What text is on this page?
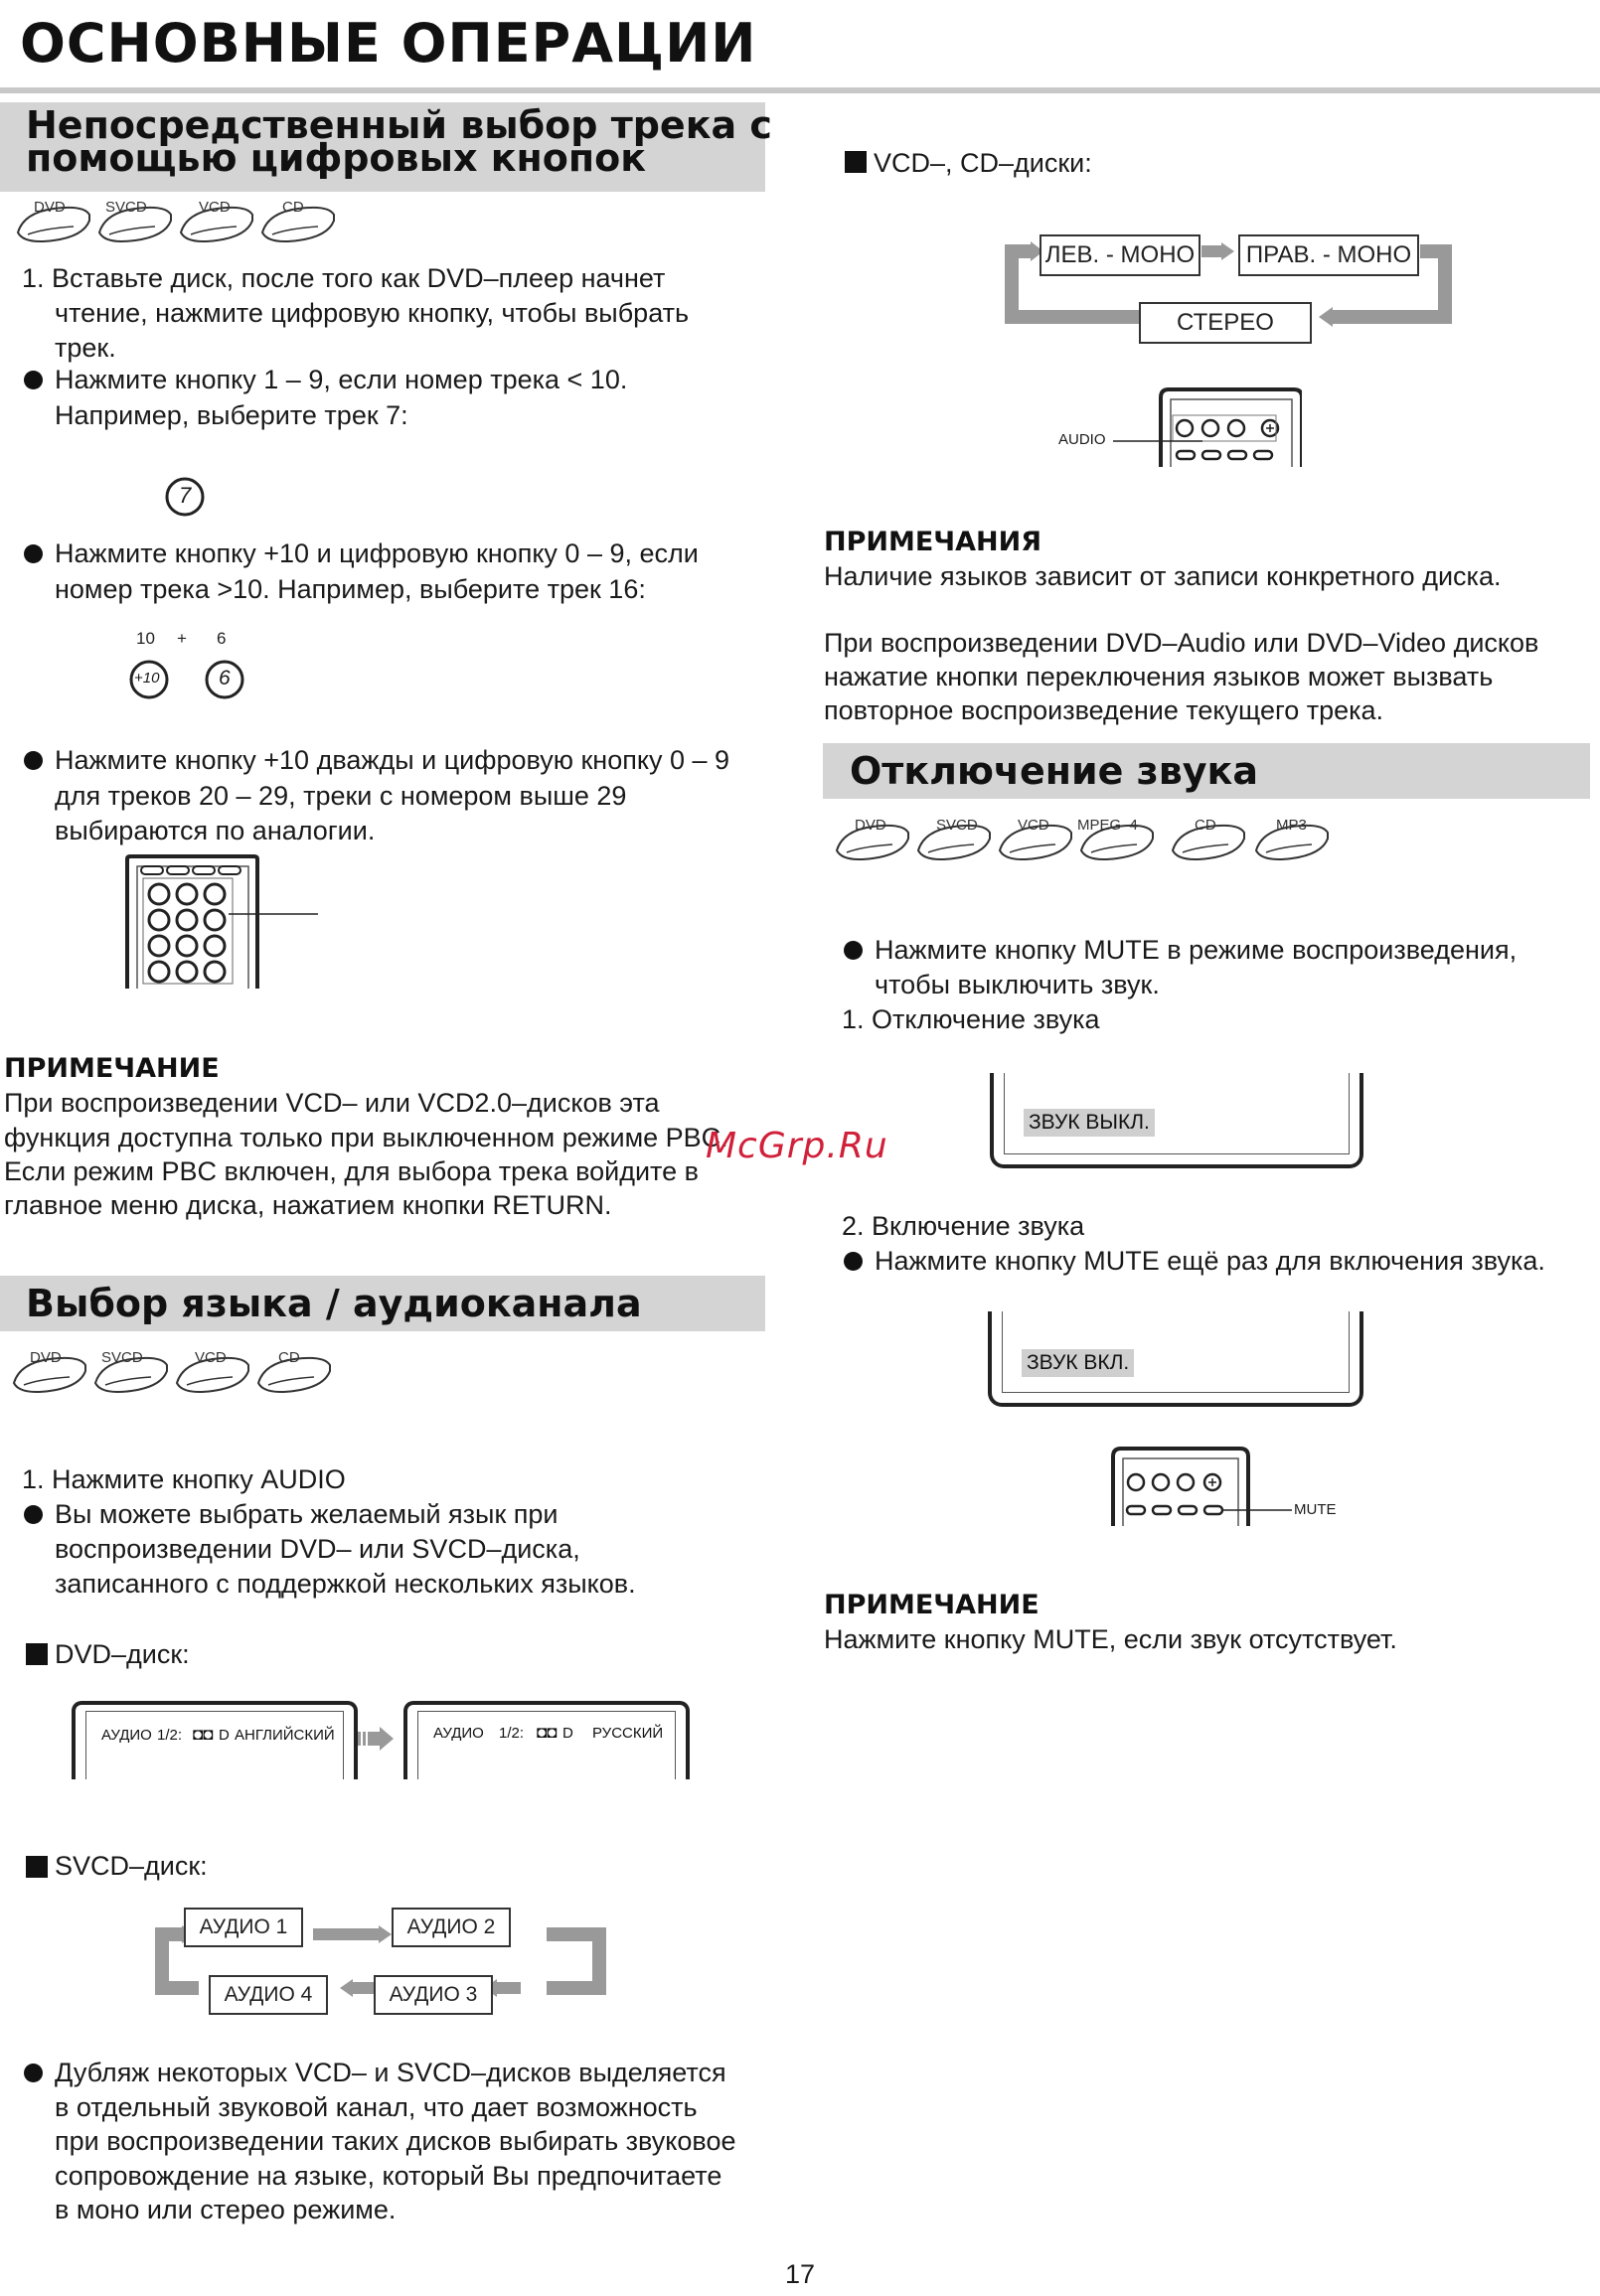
ОСНОВНЫЕ ОПЕРАЦИИ
Непосредственный выбор трека с
помощью цифровых кнопок
DVD	SVCD	VCD	CD
1. Вставьте диск, после того как DVD–плеер начнет
чтение, нажмите цифровую кнопку, чтобы выбрать
трек.
Нажмите кнопку 1 – 9, если номер трека < 10.
Например, выберите трек 7:
7
Нажмите кнопку +10 и цифровую кнопку 0 – 9, если
номер трека >10. Например, выберите трек 16:
10 + 6
+10	6
Нажмите кнопку +10 дважды и цифровую кнопку 0 – 9
для треков 20 – 29, треки с номером выше 29
выбираются по аналогии.
ПРИМЕЧАНИЕ
При воспроизведении VCD– или VCD2.0–дисков эта
функция доступна только при выключенном режиме PBC.
Если режим PBC включен, для выбора трека войдите в
главное меню диска, нажатием кнопки RETURN.
Выбор языка / аудиоканала
DVD	SVCD	VCD	CD
1. Нажмите кнопку AUDIO
Вы можете выбрать желаемый язык при
воспроизведении DVD– или SVCD–диска,
записанного с поддержкой нескольких языков.
DVD–диск:
АУДИО 1/2: ◘◘ D АНГЛИЙСКИЙ	АУДИО 1/2: ◘◘ D РУССКИЙ
SVCD–диск:
АУДИО 1	АУДИО 2
АУДИО 4	АУДИО 3
Дубляж некоторых VCD– и SVCD–дисков выделяется
в отдельный звуковой канал, что дает возможность
при воспроизведении таких дисков выбирать звуковое
сопровождение на языке, который Вы предпочитаете
в моно или стерео режиме.
VCD–, CD–диски:
ЛЕВ. - МОНО	ПРАВ. - МОНО
СТЕРЕО
AUDIO
ПРИМЕЧАНИЯ
Наличие языков зависит от записи конкретного диска.
При воспроизведении DVD–Audio или DVD–Video дисков
нажатие кнопки переключения языков может вызвать
повторное воспроизведение текущего трека.
Отключение звука
DVD	SVCD	VCD MPEG–4	CD	MP3
Нажмите кнопку MUTE в режиме воспроизведения,
чтобы выключить звук.
1. Отключение звука
ЗВУК ВЫКЛ.
2. Включение звука
Нажмите кнопку MUTE ещё раз для включения звука.
ЗВУК ВКЛ.
MUTE
ПРИМЕЧАНИЕ
Нажмите кнопку MUTE, если звук отсутствует.
McGrp.Ru
17
